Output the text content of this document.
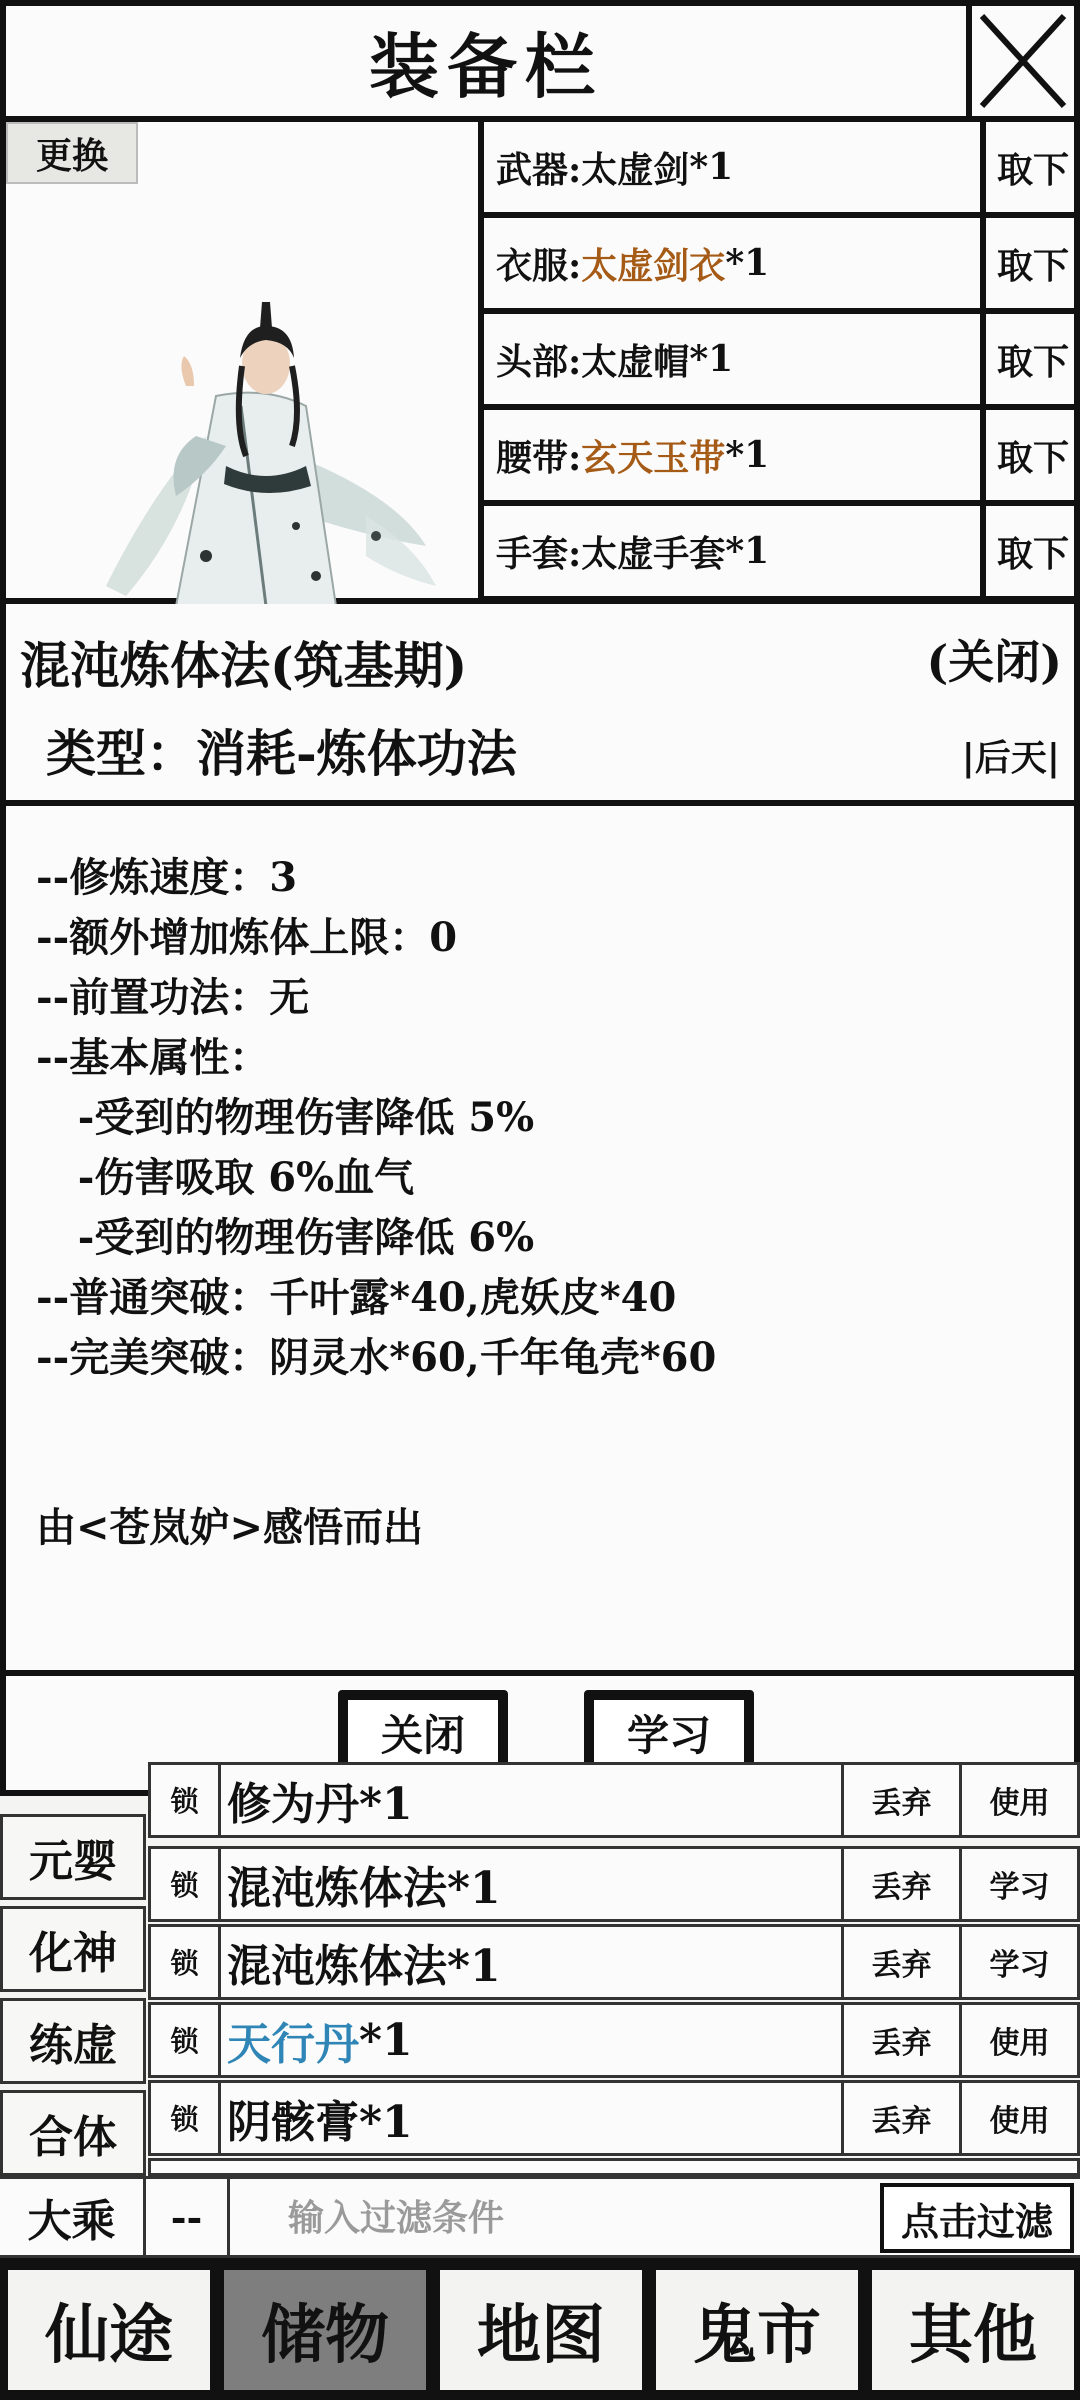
装备栏
更换	武器: 太虚剑 *1	取下
衣服: 太虚剑衣 *1	取下
头部: 太虚帽 *1	取下
腰带: 玄天玉带 *1	取下
手套: 太虚手套 *1	取下
混沌炼体法(筑基期)	(关闭)
类型：消耗-炼体功法	|后天|
--修炼速度：3
--额外增加炼体上限：0
--前置功法：无
--基本属性：
-受到的物理伤害降低 5%
-伤害吸取 6%血气
-受到的物理伤害降低 6%
--普通突破：千叶露*40,虎妖皮*40
--完美突破：阴灵水*60,千年龟壳*60
由<苍岚妒>感悟而出
关闭	学习
元婴
化神
练虚
合体
锁 修为丹*1	丢弃	使用
锁 混沌炼体法*1	丢弃	学习
锁 混沌炼体法*1	丢弃	学习
锁 天行丹 *1	丢弃	使用
锁 阴骸膏*1	丢弃	使用
大乘	--
输入过滤条件	点击过滤
仙途	储物	地图	鬼市	其他
